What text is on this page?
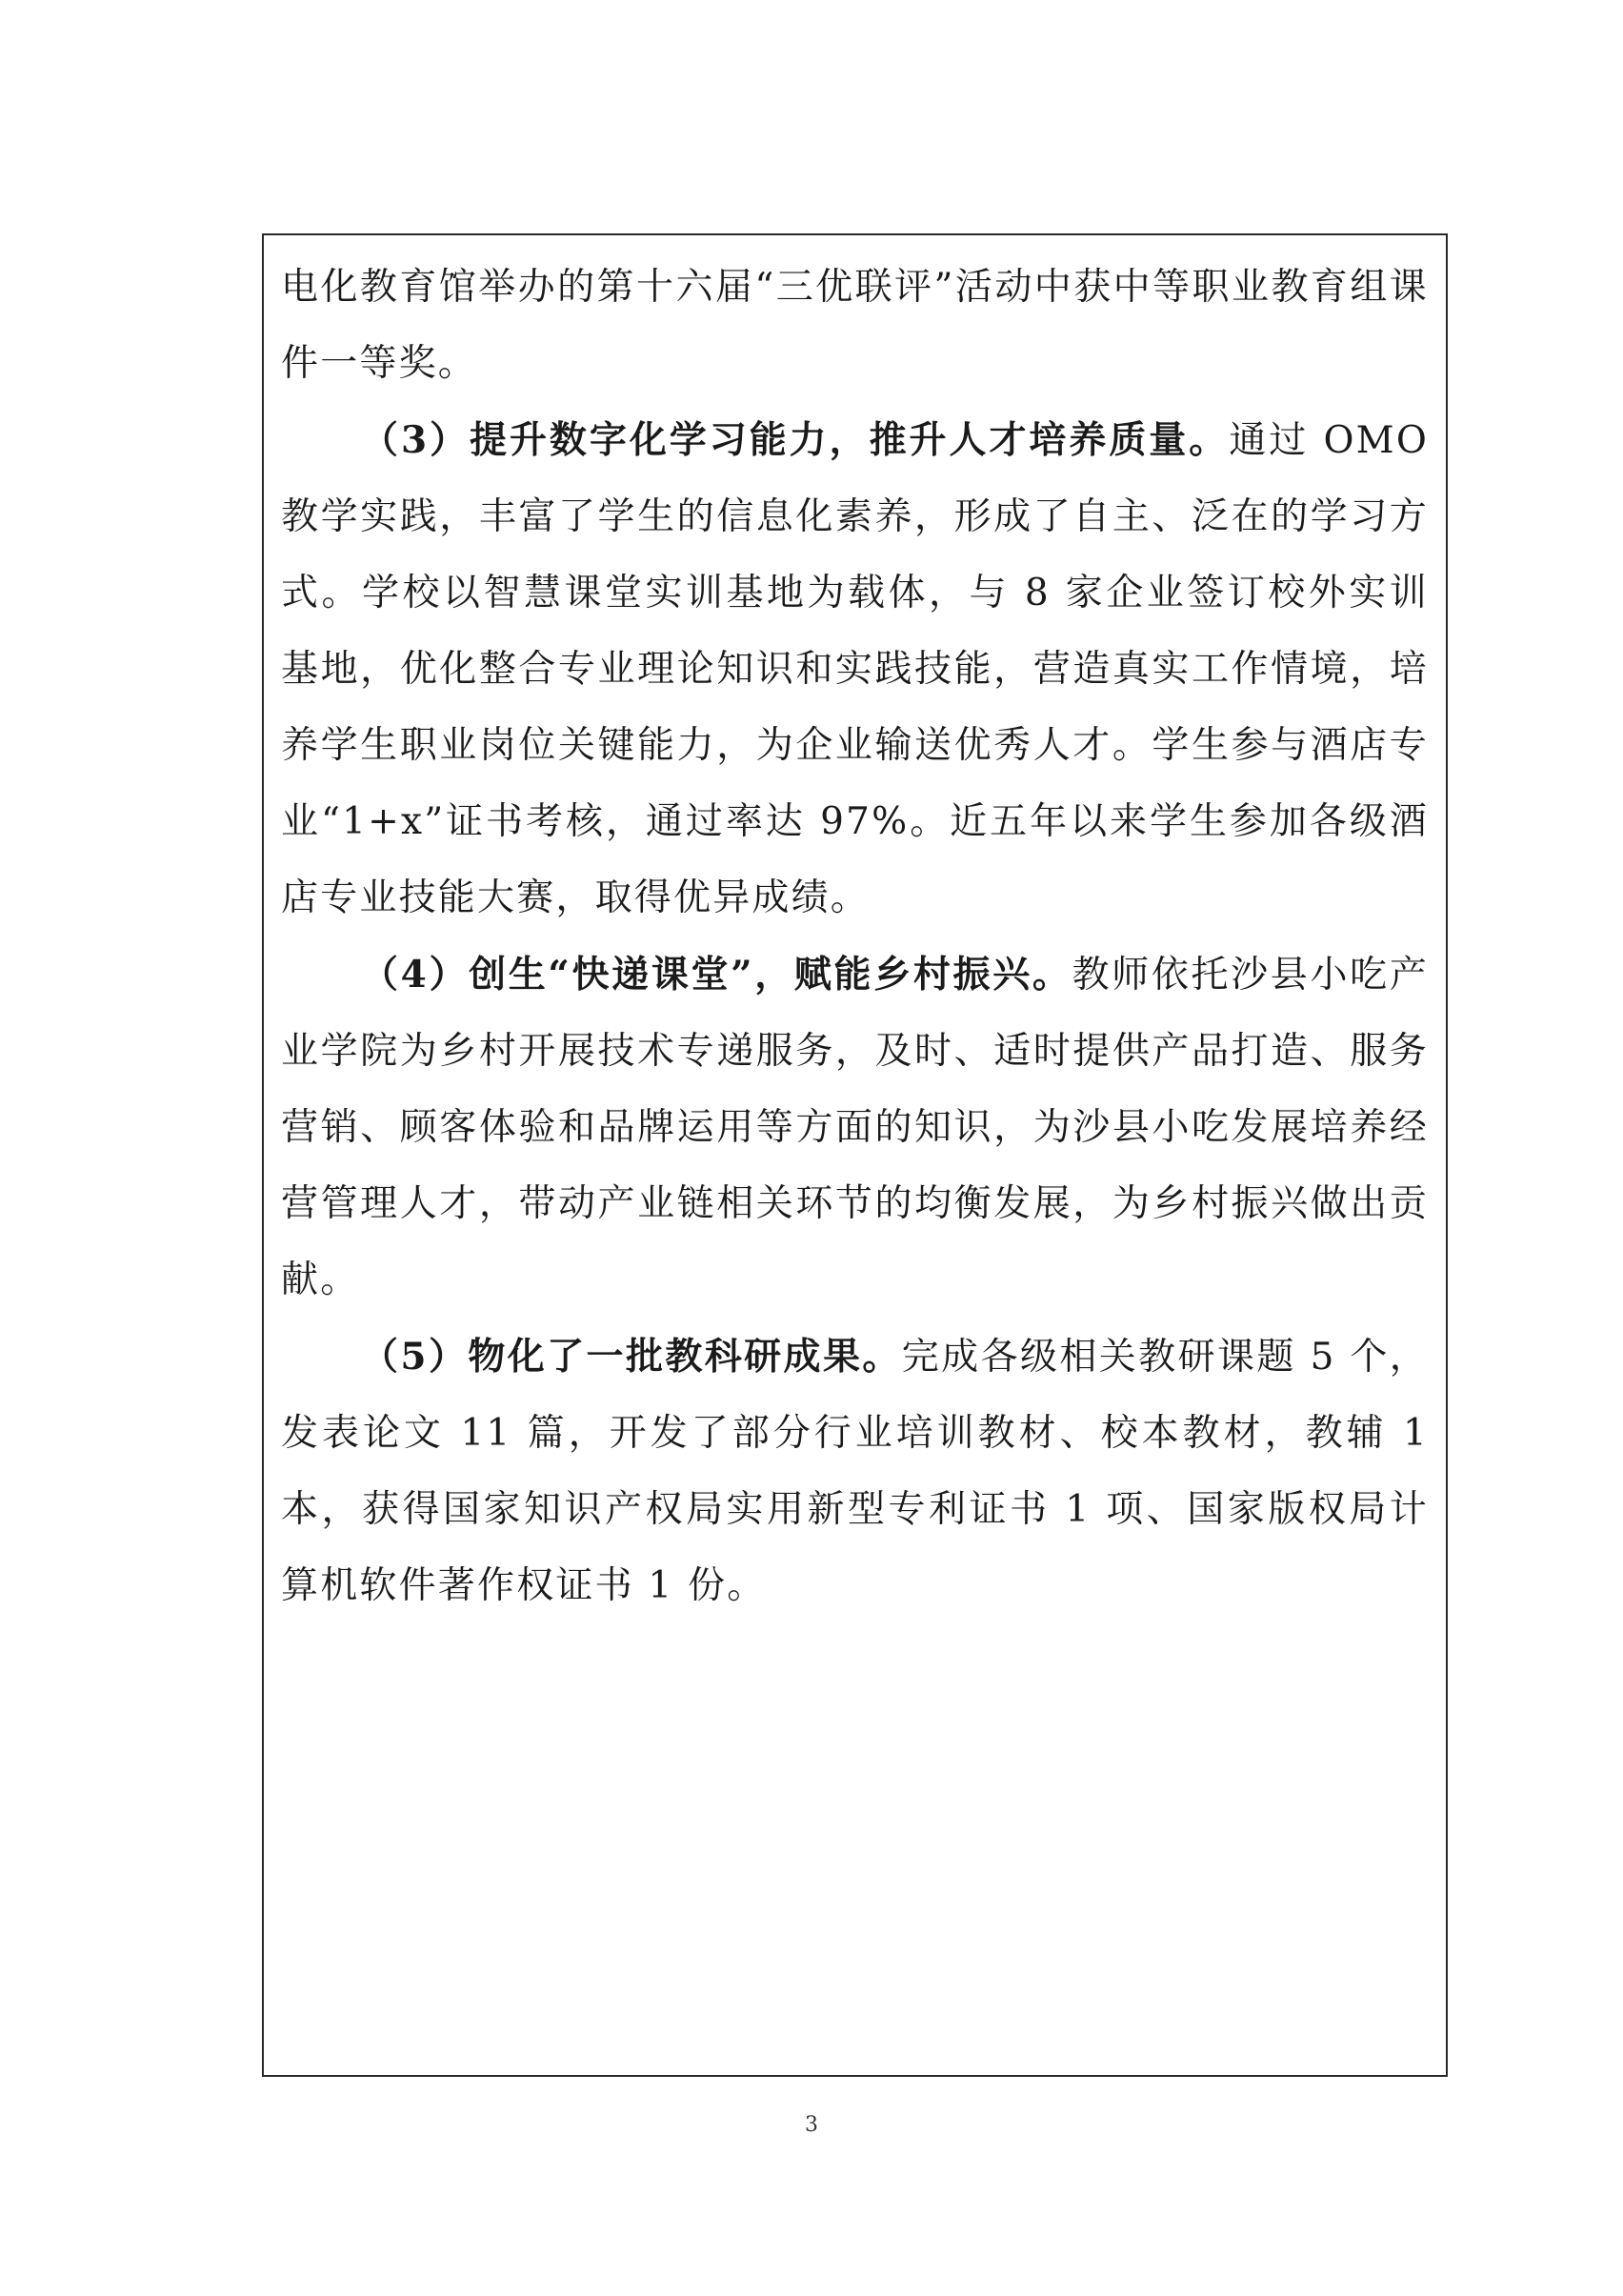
电化教育馆举办的第十六届“三优联评”活动中获中等职业教育组课件一等奖。

（3）提升数字化学习能力，推升人才培养质量。通过 OMO 教学实践，丰富了学生的信息化素养，形成了自主、泛在的学习方式。学校以智慧课堂实训基地为载体，与 8 家企业签订校外实训基地，优化整合专业理论知识和实践技能，营造真实工作情境，培养学生职业岗位关键能力，为企业输送优秀人才。学生参与酒店专业“1+x”证书考核，通过率达 97%。近五年以来学生参加各级酒店专业技能大赛，取得优异成绩。

（4）创生“快递课堂”，赋能乡村振兴。教师依托沙县小吃产业学院为乡村开展技术专递服务，及时、适时提供产品打造、服务营销、顾客体验和品牌运用等方面的知识，为沙县小吃发展培养经营管理人才，带动产业链相关环节的均衡发展，为乡村振兴做出贡献。

（5）物化了一批教科研成果。完成各级相关教研课题 5 个，发表论文 11 篇，开发了部分行业培训教材、校本教材，教辅 1 本，获得国家知识产权局实用新型专利证书 1 项、国家版权局计算机软件著作权证书 1 份。

3
